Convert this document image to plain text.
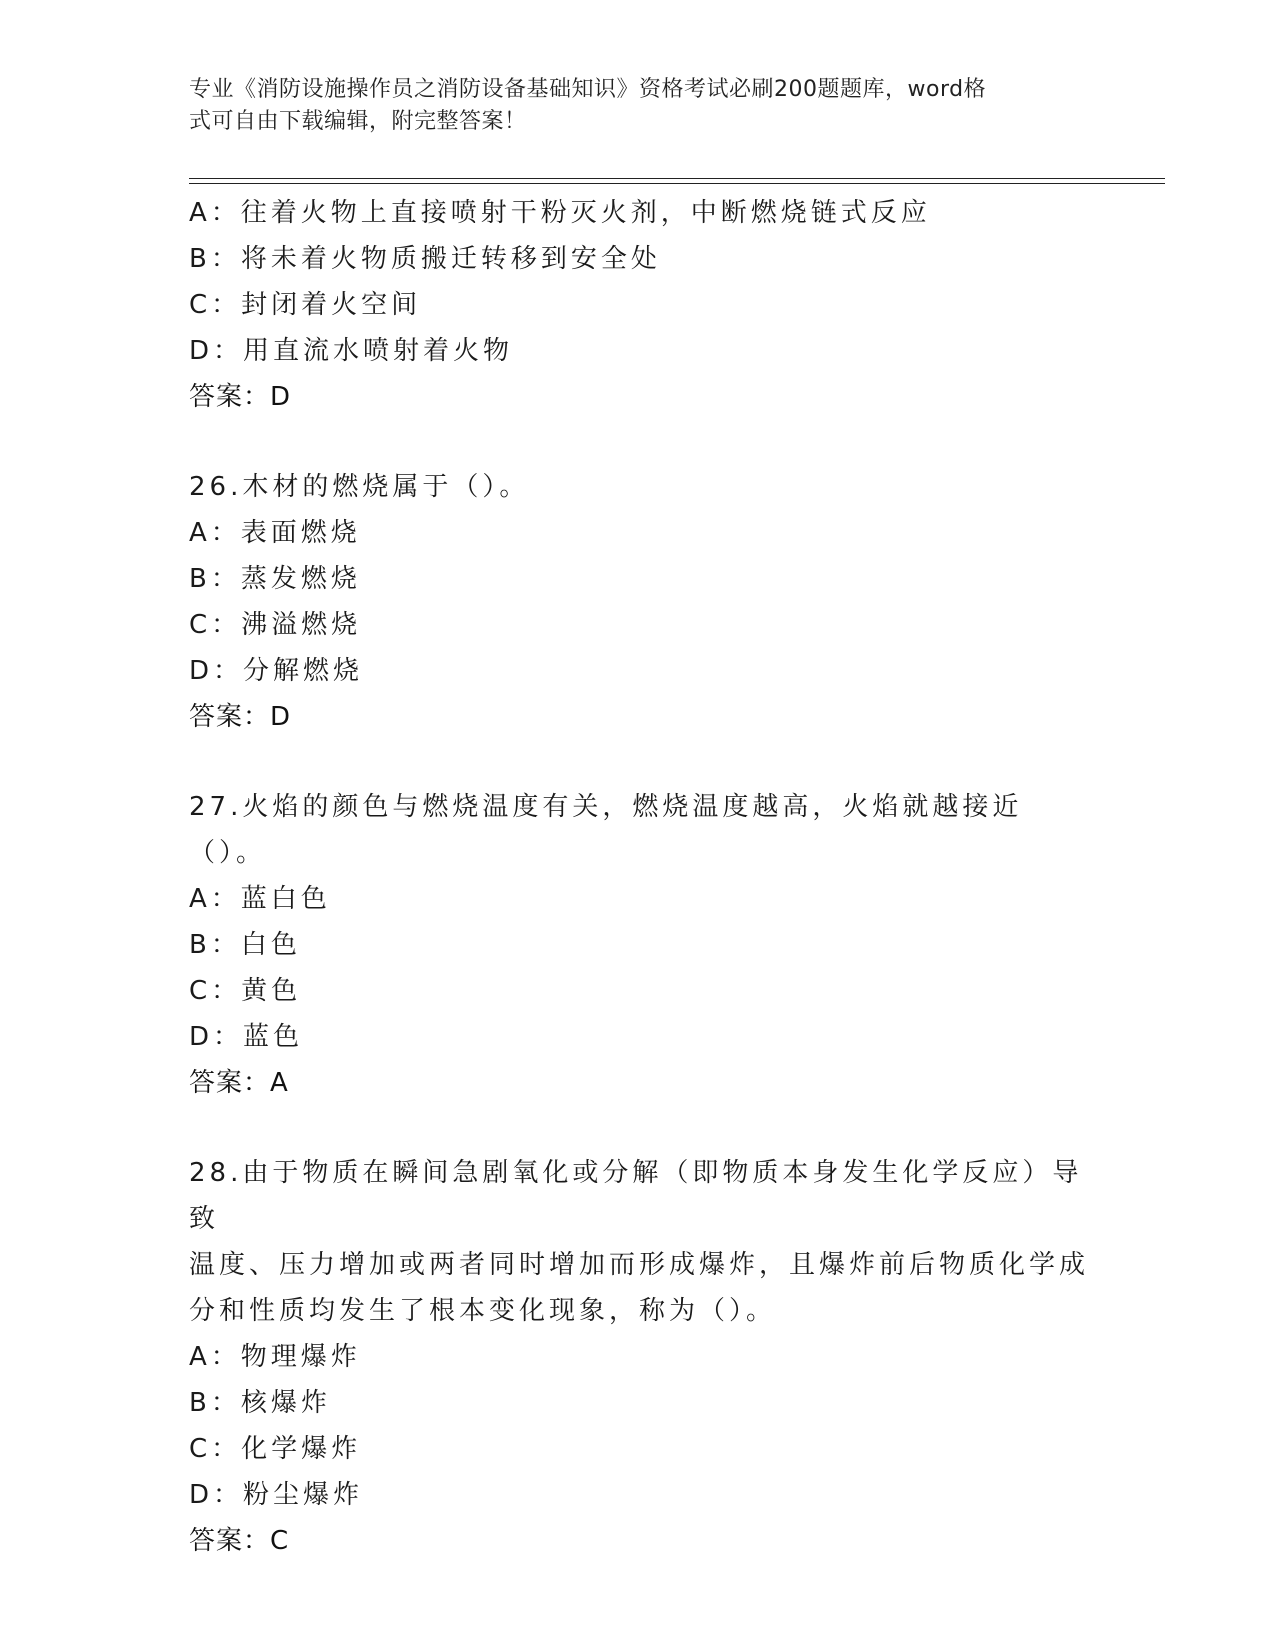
专业《消防设施操作员之消防设备基础知识》资格考试必刷200题题库，word格
式可自由下载编辑，附完整答案！
A：往着火物上直接喷射干粉灭火剂，中断燃烧链式反应
B：将未着火物质搬迁转移到安全处
C：封闭着火空间
D：用直流水喷射着火物
答案：D
26.木材的燃烧属于（）。
A：表面燃烧
B：蒸发燃烧
C：沸溢燃烧
D：分解燃烧
答案：D
27.火焰的颜色与燃烧温度有关，燃烧温度越高，火焰就越接近（）。
A：蓝白色
B：白色
C：黄色
D：蓝色
答案：A
28.由于物质在瞬间急剧氧化或分解（即物质本身发生化学反应）导致
温度、压力增加或两者同时增加而形成爆炸，且爆炸前后物质化学成
分和性质均发生了根本变化现象，称为（）。
A：物理爆炸
B：核爆炸
C：化学爆炸
D：粉尘爆炸
答案：C
